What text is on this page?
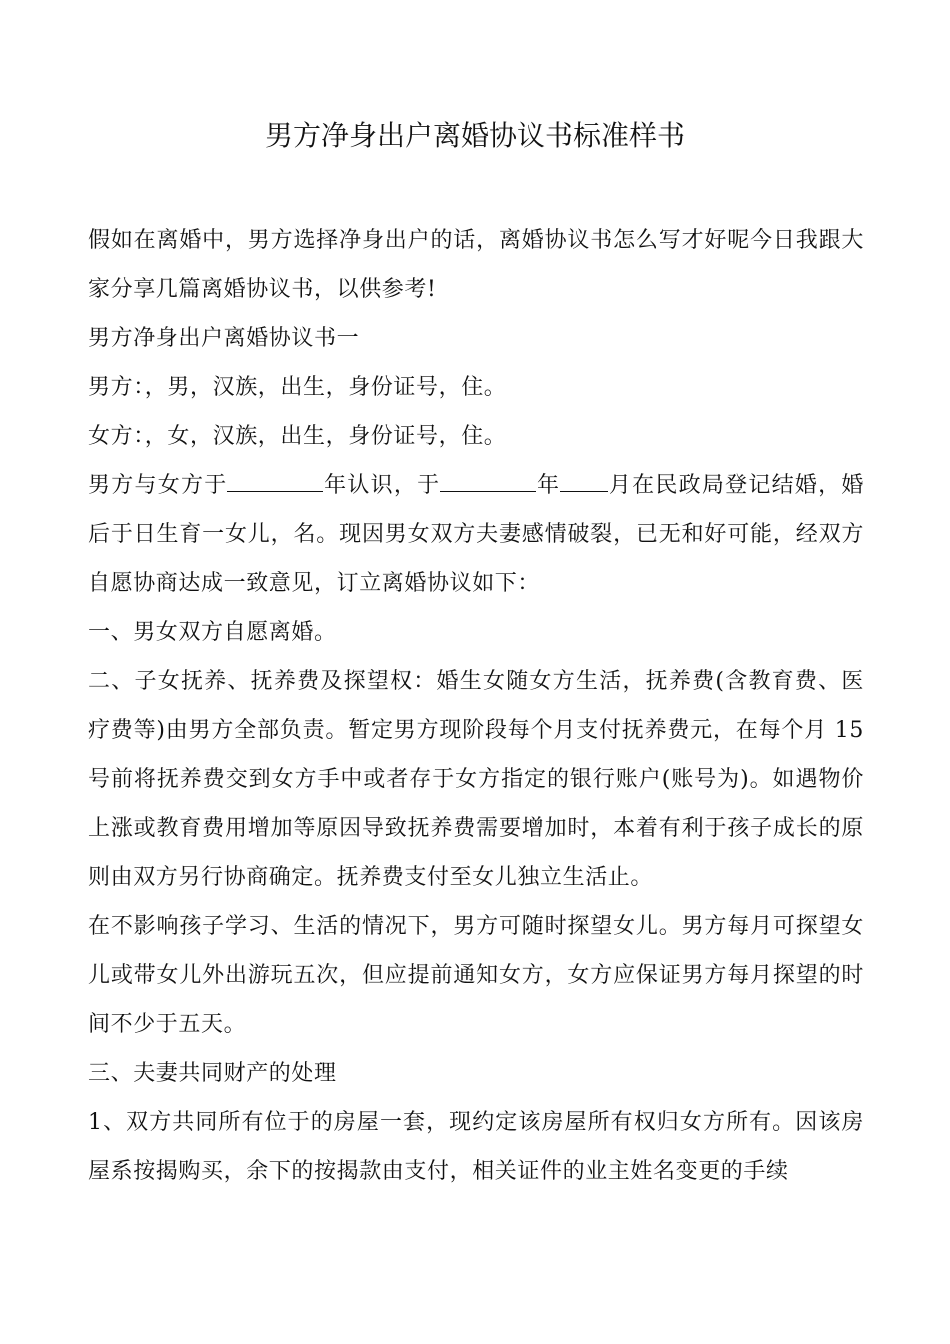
男方净身出户离婚协议书标准样书

假如在离婚中，男方选择净身出户的话，离婚协议书怎么写才好呢今日我跟大家分享几篇离婚协议书，以供参考!

男方净身出户离婚协议书一

男方：，男，汉族，出生，身份证号，住。

女方：，女，汉族，出生，身份证号，住。

男方与女方于	年认识，于	年 月在民政局登记结婚，婚后于日生育一女儿，名。现因男女双方夫妻感情破裂，已无和好可能，经双方自愿协商达成一致意见，订立离婚协议如下：

一、男女双方自愿离婚。

二、子女抚养、抚养费及探望权：婚生女随女方生活，抚养费(含教育费、医疗费等)由男方全部负责。暂定男方现阶段每个月支付抚养费元，在每个月 15 号前将抚养费交到女方手中或者存于女方指定的银行账户(账号为)。如遇物价上涨或教育费用增加等原因导致抚养费需要增加时，本着有利于孩子成长的原则由双方另行协商确定。抚养费支付至女儿独立生活止。

在不影响孩子学习、生活的情况下，男方可随时探望女儿。男方每月可探望女儿或带女儿外出游玩五次，但应提前通知女方，女方应保证男方每月探望的时间不少于五天。

三、夫妻共同财产的处理

1、双方共同所有位于的房屋一套，现约定该房屋所有权归女方所有。因该房屋系按揭购买，余下的按揭款由支付，相关证件的业主姓名变更的手续
